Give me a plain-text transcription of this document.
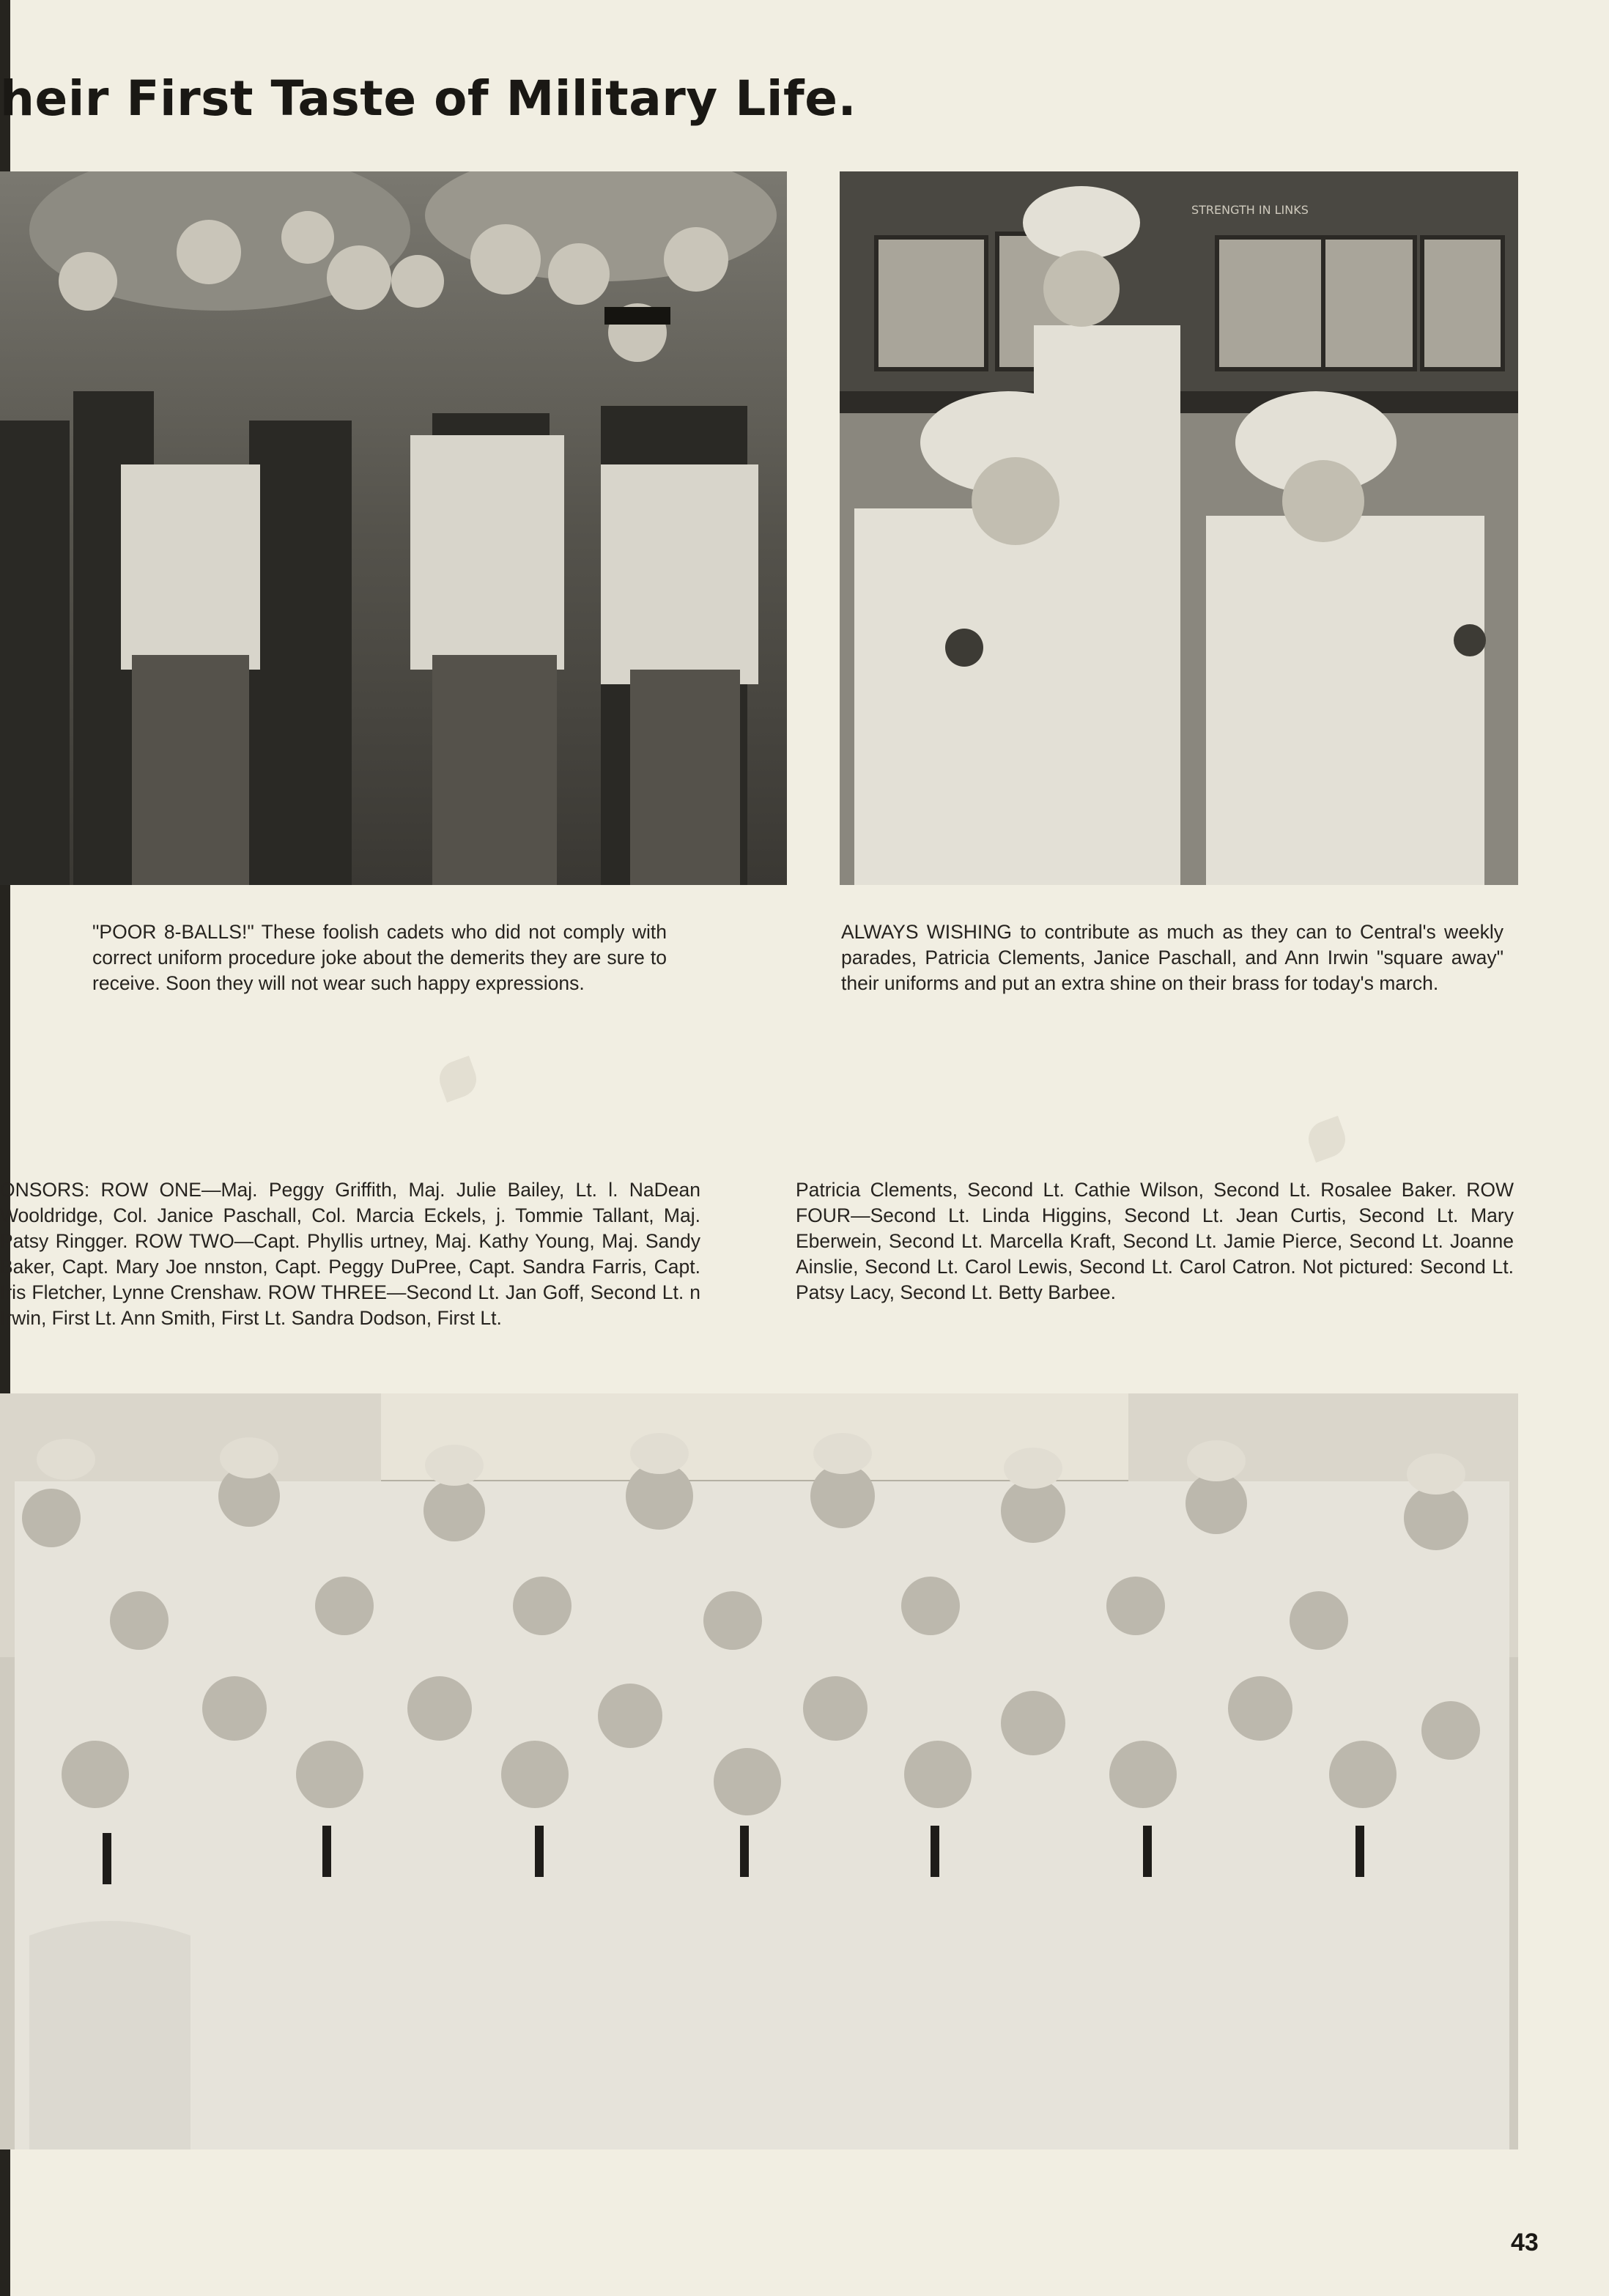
heir First Taste of Military Life.
STRENGTH IN LINKS

"POOR 8-BALLS!" These foolish cadets who did not comply with correct uniform procedure joke about the demerits they are sure to receive. Soon they will not wear such happy expressions.

ALWAYS WISHING to contribute as much as they can to Central's weekly parades, Patricia Clements, Janice Paschall, and Ann Irwin "square away" their uniforms and put an extra shine on their brass for today's march.

ONSORS: ROW ONE—Maj. Peggy Griffith, Maj. Julie Bailey, Lt. l. NaDean Wooldridge, Col. Janice Paschall, Col. Marcia Eckels, j. Tommie Tallant, Maj. Patsy Ringger. ROW TWO—Capt. Phyllis urtney, Maj. Kathy Young, Maj. Sandy Baker, Capt. Mary Joe nnston, Capt. Peggy DuPree, Capt. Sandra Farris, Capt. Iris Fletcher, Lynne Crenshaw. ROW THREE—Second Lt. Jan Goff, Second Lt. n Irwin, First Lt. Ann Smith, First Lt. Sandra Dodson, First Lt.

Patricia Clements, Second Lt. Cathie Wilson, Second Lt. Rosalee Baker. ROW FOUR—Second Lt. Linda Higgins, Second Lt. Jean Curtis, Second Lt. Mary Eberwein, Second Lt. Marcella Kraft, Second Lt. Jamie Pierce, Second Lt. Joanne Ainslie, Second Lt. Carol Lewis, Second Lt. Carol Catron. Not pictured: Second Lt. Patsy Lacy, Second Lt. Betty Barbee.

43
